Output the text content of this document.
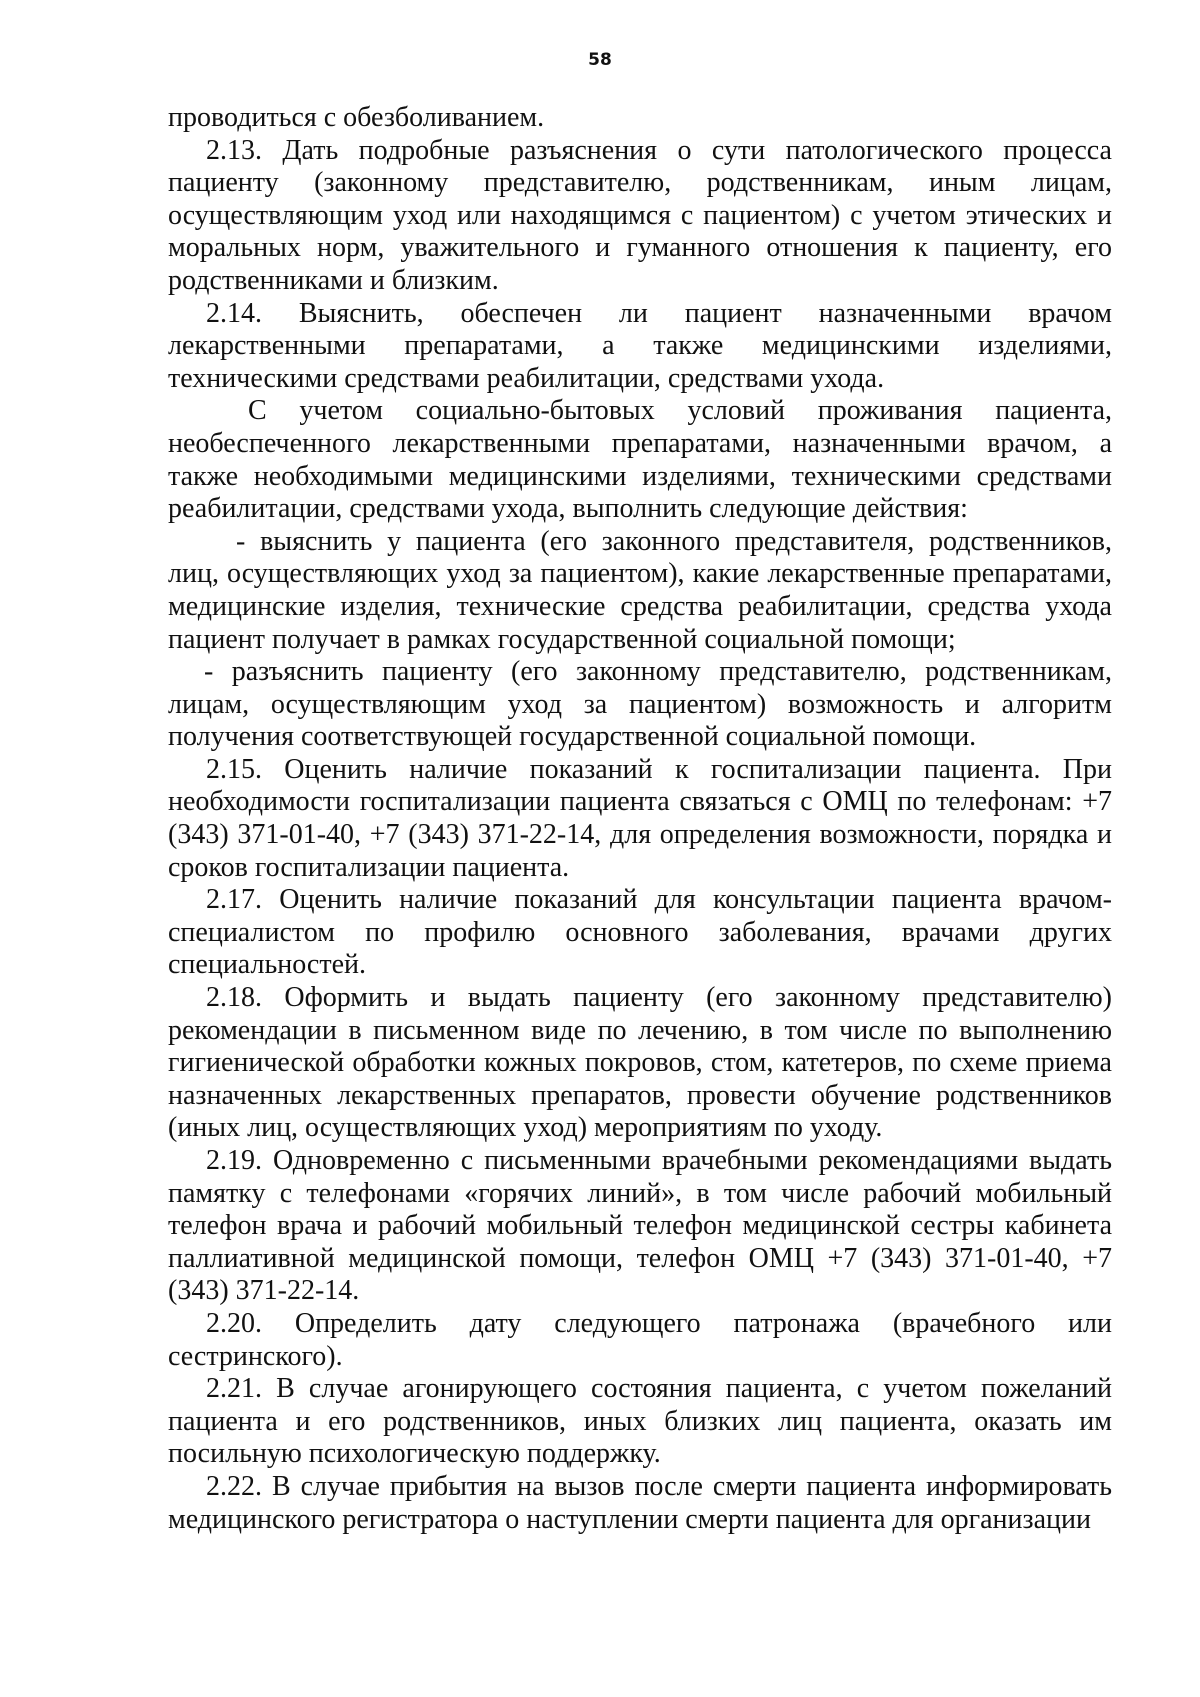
58

проводиться с обезболиванием.

2.13. Дать подробные разъяснения о сути патологического процесса пациенту (законному представителю, родственникам, иным лицам, осуществляющим уход или находящимся с пациентом) с учетом этических и моральных норм, уважительного и гуманного отношения к пациенту, его родственниками и близким.

2.14. Выяснить, обеспечен ли пациент назначенными врачом лекарственными препаратами, а также медицинскими изделиями, техническими средствами реабилитации, средствами ухода.

С учетом социально-бытовых условий проживания пациента, необеспеченного лекарственными препаратами, назначенными врачом, а также необходимыми медицинскими изделиями, техническими средствами реабилитации, средствами ухода, выполнить следующие действия:

- выяснить у пациента (его законного представителя, родственников, лиц, осуществляющих уход за пациентом), какие лекарственные препаратами, медицинские изделия, технические средства реабилитации, средства ухода пациент получает в рамках государственной социальной помощи;

- разъяснить пациенту (его законному представителю, родственникам, лицам, осуществляющим уход за пациентом) возможность и алгоритм получения соответствующей государственной социальной помощи.

2.15. Оценить наличие показаний к госпитализации пациента. При необходимости госпитализации пациента связаться с ОМЦ по телефонам: +7 (343) 371-01-40, +7 (343) 371-22-14, для определения возможности, порядка и сроков госпитализации пациента.

2.17. Оценить наличие показаний для консультации пациента врачом-специалистом по профилю основного заболевания, врачами других специальностей.

2.18. Оформить и выдать пациенту (его законному представителю) рекомендации в письменном виде по лечению, в том числе по выполнению гигиенической обработки кожных покровов, стом, катетеров, по схеме приема назначенных лекарственных препаратов, провести обучение родственников (иных лиц, осуществляющих уход) мероприятиям по уходу.

2.19. Одновременно с письменными врачебными рекомендациями выдать памятку с телефонами «горячих линий», в том числе рабочий мобильный телефон врача и рабочий мобильный телефон медицинской сестры кабинета паллиативной медицинской помощи, телефон ОМЦ +7 (343) 371-01-40, +7 (343) 371-22-14.

2.20. Определить дату следующего патронажа (врачебного или сестринского).

2.21. В случае агонирующего состояния пациента, с учетом пожеланий пациента и его родственников, иных близких лиц пациента, оказать им посильную психологическую поддержку.

2.22. В случае прибытия на вызов после смерти пациента информировать медицинского регистратора о наступлении смерти пациента для организации
